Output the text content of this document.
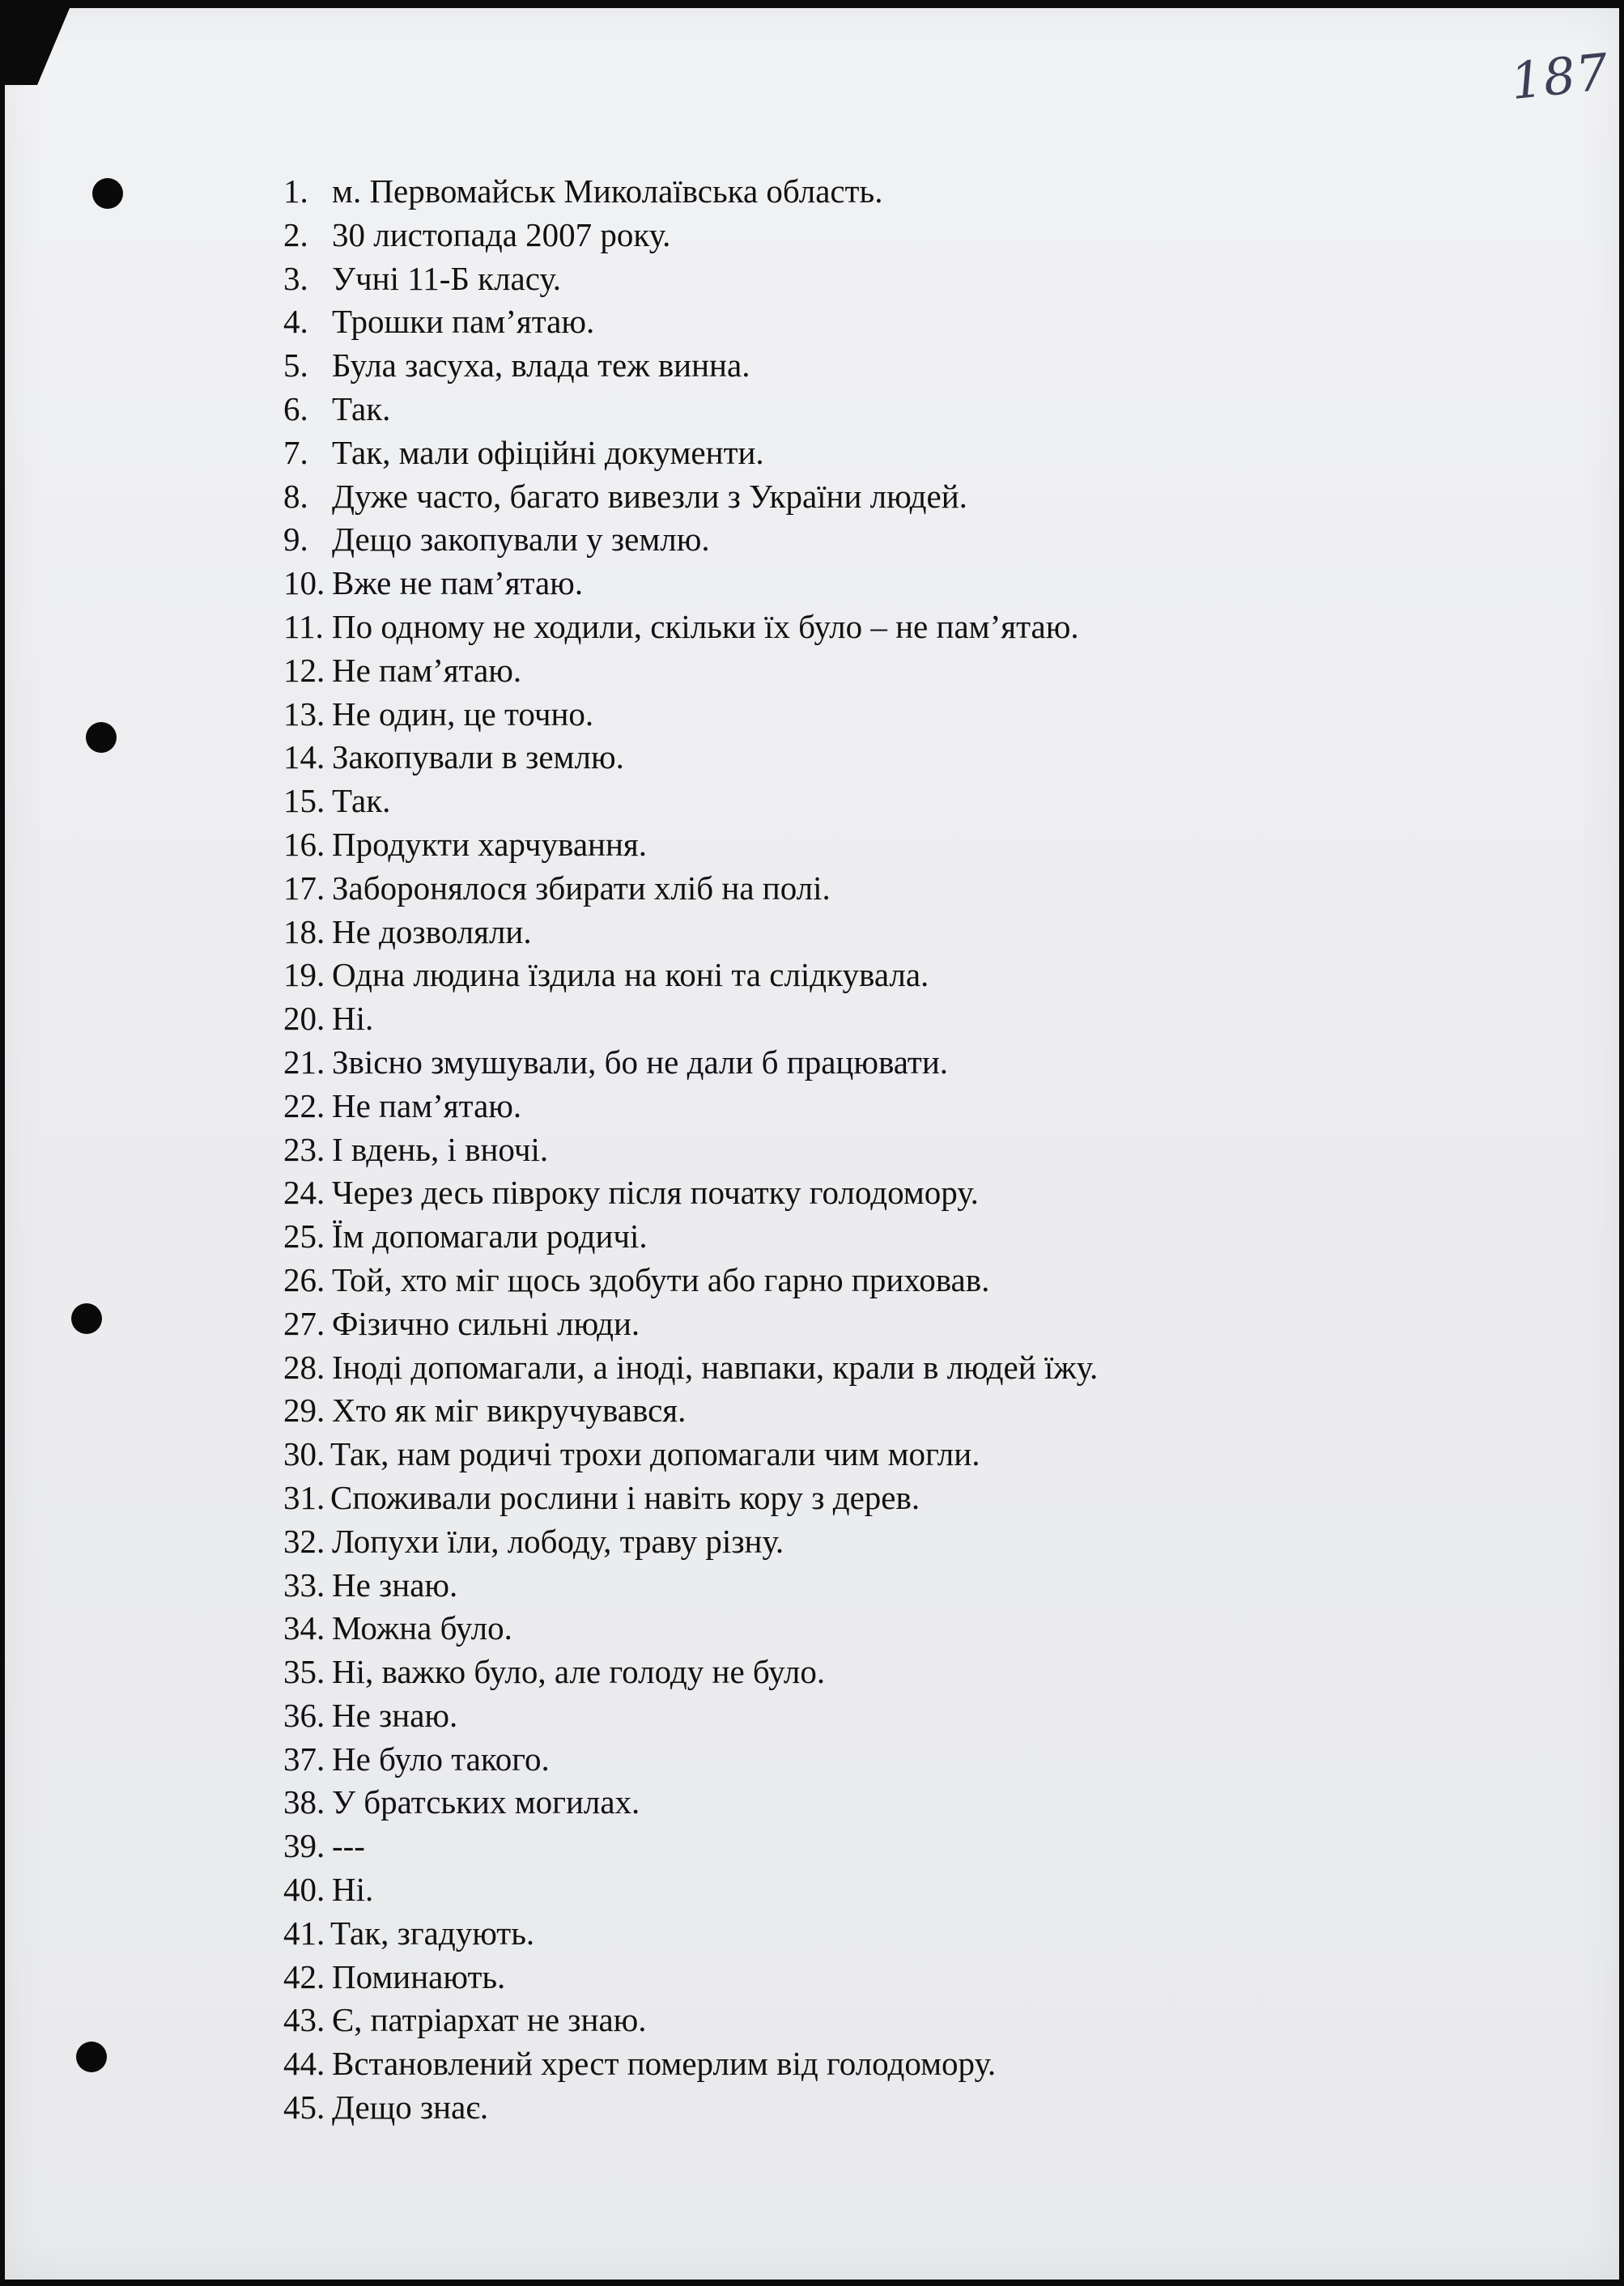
187
1. м. Первомайськ Миколаївська область.
2. 30 листопада 2007 року.
3. Учні 11-Б класу.
4. Трошки пам’ятаю.
5. Була засуха, влада теж винна.
6. Так.
7. Так, мали офіційні документи.
8. Дуже часто, багато вивезли з України людей.
9. Дещо закопували у землю.
10. Вже не пам’ятаю.
11. По одному не ходили, скільки їх було – не пам’ятаю.
12. Не пам’ятаю.
13. Не один, це точно.
14. Закопували в землю.
15. Так.
16. Продукти харчування.
17. Заборонялося збирати хліб на полі.
18. Не дозволяли.
19. Одна людина їздила на коні та слідкувала.
20. Ні.
21. Звісно змушували, бо не дали б працювати.
22. Не пам’ятаю.
23. І вдень, і вночі.
24. Через десь півроку після початку голодомору.
25. Їм допомагали родичі.
26. Той, хто міг щось здобути або гарно приховав.
27. Фізично сильні люди.
28. Іноді допомагали, а іноді, навпаки, крали в людей їжу.
29. Хто як міг викручувався.
30. Так, нам родичі трохи допомагали чим могли.
31. Споживали рослини і навіть кору з дерев.
32. Лопухи їли, лободу, траву різну.
33. Не знаю.
34. Можна було.
35. Ні, важко було, але голоду не було.
36. Не знаю.
37. Не було такого.
38. У братських могилах.
39. ---
40. Ні.
41. Так, згадують.
42. Поминають.
43. Є, патріархат не знаю.
44. Встановлений хрест померлим від голодомору.
45. Дещо знає.
